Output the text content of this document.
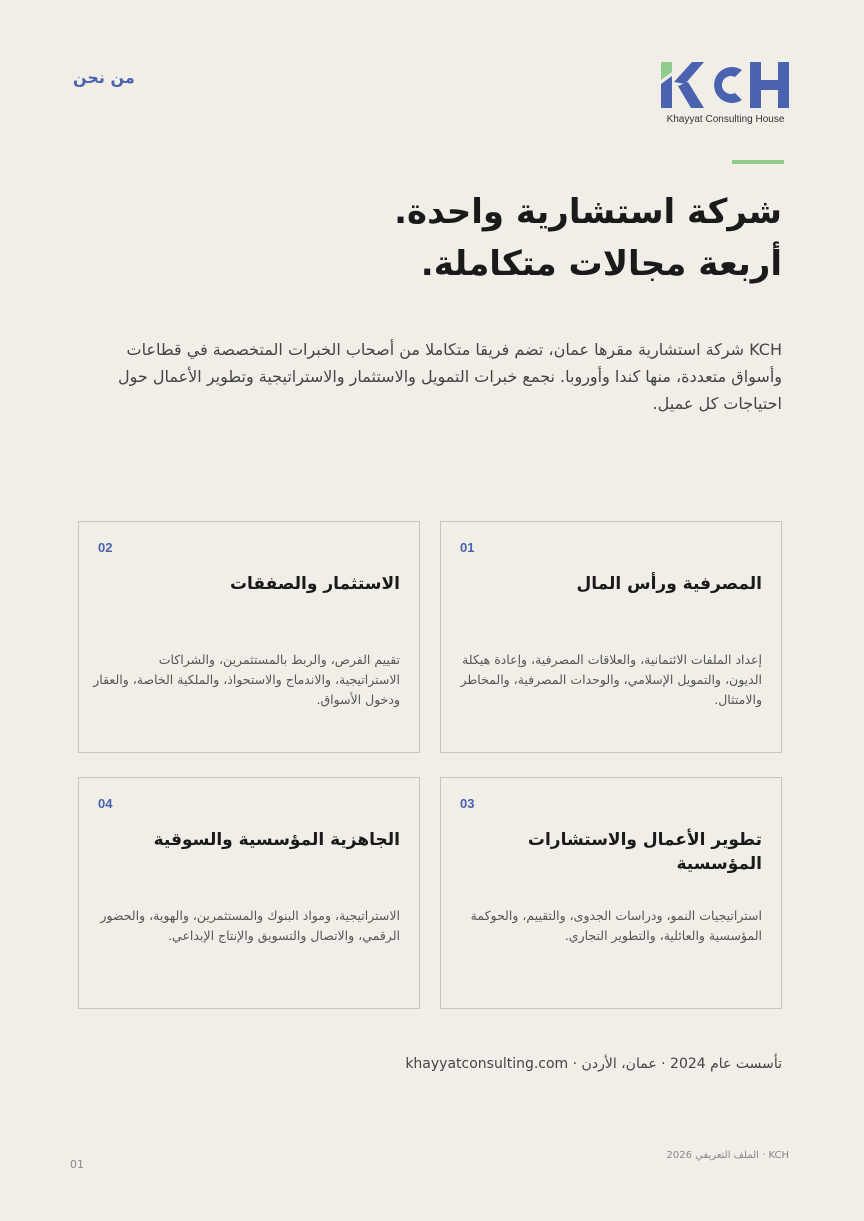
من نحن
Khayyat Consulting House
شركة استشارية واحدة.
أربعة مجالات متكاملة.
KCH شركة استشارية مقرها عمان، تضم فريقا متكاملا من أصحاب الخبرات المتخصصة في قطاعات وأسواق متعددة، منها كندا وأوروبا. نجمع خبرات التمويل والاستثمار والاستراتيجية وتطوير الأعمال حول احتياجات كل عميل.
01
المصرفية ورأس المال
إعداد الملفات الائتمانية، والعلاقات المصرفية، وإعادة هيكلة الديون، والتمويل الإسلامي، والوحدات المصرفية، والمخاطر والامتثال.
02
الاستثمار والصفقات
تقييم الفرص، والربط بالمستثمرين، والشراكات الاستراتيجية، والاندماج والاستحواذ، والملكية الخاصة، والعقار ودخول الأسواق.
03
تطوير الأعمال والاستشارات المؤسسية
استراتيجيات النمو، ودراسات الجدوى، والتقييم، والحوكمة المؤسسية والعائلية، والتطوير التجاري.
04
الجاهزية المؤسسية والسوقية
الاستراتيجية، ومواد البنوك والمستثمرين، والهوية، والحضور الرقمي، والاتصال والتسويق والإنتاج الإبداعي.
تأسست عام 2024 · عمان، الأردن · khayyatconsulting.com
01
KCH · الملف التعريفي 2026
